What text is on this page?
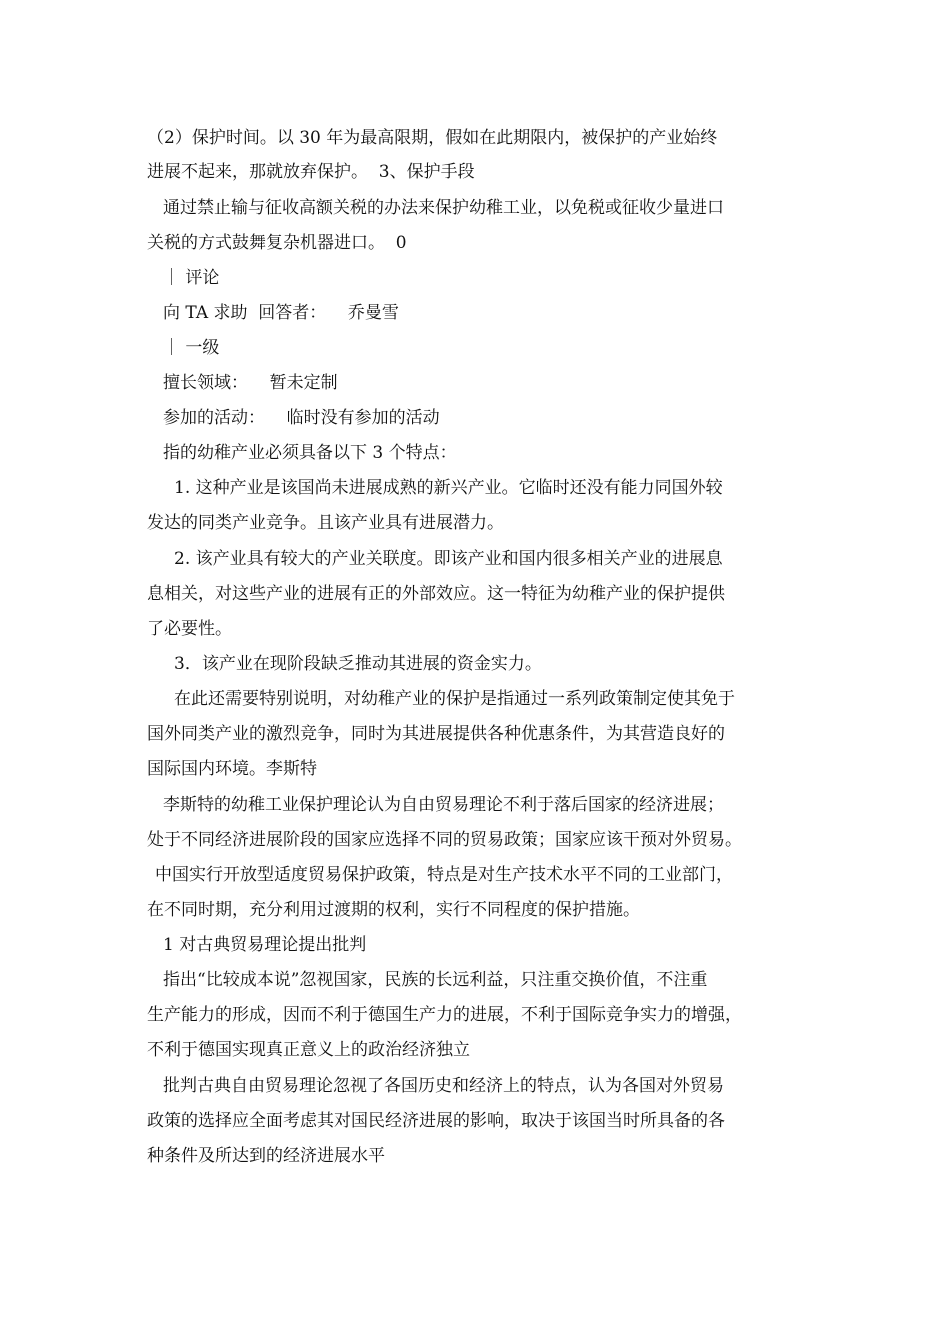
（2）保护时间。以 30 年为最高限期，假如在此期限内，被保护的产业始终
进展不起来，那就放弃保护。  3、保护手段
通过禁止输与征收高额关税的办法来保护幼稚工业，以免税或征收少量进口
关税的方式鼓舞复杂机器进口。  0
｜ 评论
向 TA 求助  回答者：    乔曼雪
｜ 一级
擅长领域：    暂未定制
参加的活动：    临时没有参加的活动
指的幼稚产业必须具备以下 3 个特点：
1. 这种产业是该国尚未进展成熟的新兴产业。它临时还没有能力同国外较
发达的同类产业竞争。且该产业具有进展潜力。
2. 该产业具有较大的产业关联度。即该产业和国内很多相关产业的进展息
息相关，对这些产业的进展有正的外部效应。这一特征为幼稚产业的保护提供
了必要性。
3．该产业在现阶段缺乏推动其进展的资金实力。
在此还需要特别说明，对幼稚产业的保护是指通过一系列政策制定使其免于
国外同类产业的激烈竞争，同时为其进展提供各种优惠条件，为其营造良好的
国际国内环境。李斯特
李斯特的幼稚工业保护理论认为自由贸易理论不利于落后国家的经济进展；
处于不同经济进展阶段的国家应选择不同的贸易政策；国家应该干预对外贸易。
中国实行开放型适度贸易保护政策，特点是对生产技术水平不同的工业部门，
在不同时期，充分利用过渡期的权利，实行不同程度的保护措施。
1 对古典贸易理论提出批判
指出“比较成本说”忽视国家，民族的长远利益，只注重交换价值，不注重
生产能力的形成，因而不利于德国生产力的进展，不利于国际竞争实力的增强，
不利于德国实现真正意义上的政治经济独立
批判古典自由贸易理论忽视了各国历史和经济上的特点，认为各国对外贸易
政策的选择应全面考虑其对国民经济进展的影响，取决于该国当时所具备的各
种条件及所达到的经济进展水平
